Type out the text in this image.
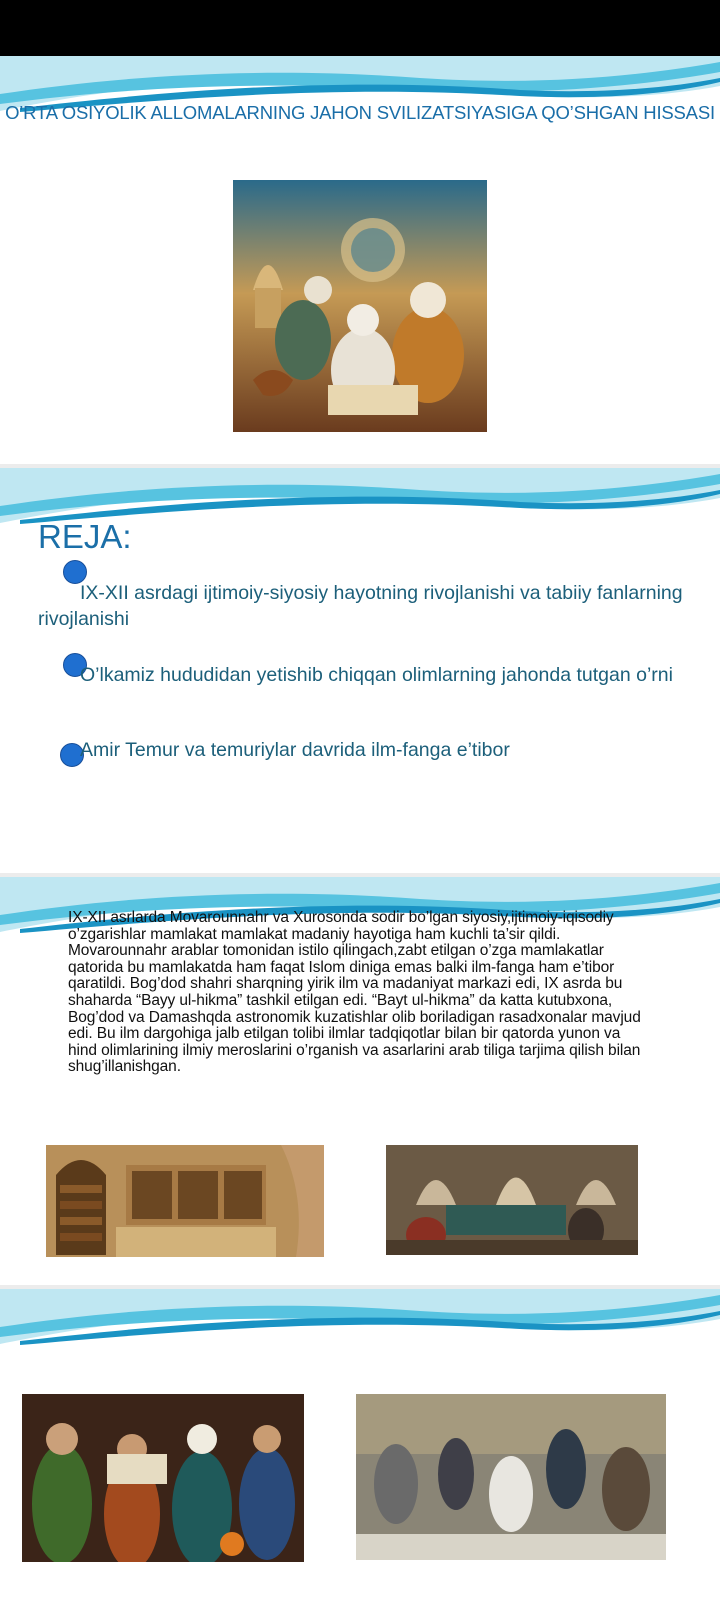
O’RTA OSIYOLIK ALLOMALARNING JAHON SVILIZATSIYASIGA QO’SHGAN HISSASI
REJA:
IX-XII asrdagi ijtimoiy-siyosiy hayotning rivojlanishi va tabiiy fanlarning rivojlanishi
O’lkamiz hududidan yetishib chiqqan olimlarning jahonda tutgan o’rni
Amir Temur va temuriylar davrida ilm-fanga e’tibor
IX-XII asrlarda Movarounnahr va Xurosonda sodir bo’lgan siyosiy,ijtimoiy-iqisodiy o’zgarishlar mamlakat mamlakat madaniy hayotiga ham kuchli ta’sir qildi. Movarounnahr arablar tomonidan istilo qilingach,zabt etilgan o’zga mamlakatlar qatorida bu mamlakatda ham faqat Islom diniga emas balki ilm-fanga ham e’tibor qaratildi. Bog’dod shahri sharqning yirik ilm va madaniyat markazi edi, IX asrda bu shaharda “Bayy ul-hikma” tashkil etilgan edi. “Bayt ul-hikma” da katta kutubxona, Bog’dod va Damashqda astronomik kuzatishlar olib boriladigan rasadxonalar mavjud edi. Bu ilm dargohiga jalb etilgan tolibi ilmlar tadqiqotlar bilan bir qatorda yunon va hind olimlarining ilmiy meroslarini o’rganish va asarlarini arab tiliga tarjima qilish bilan shug’illanishgan.
